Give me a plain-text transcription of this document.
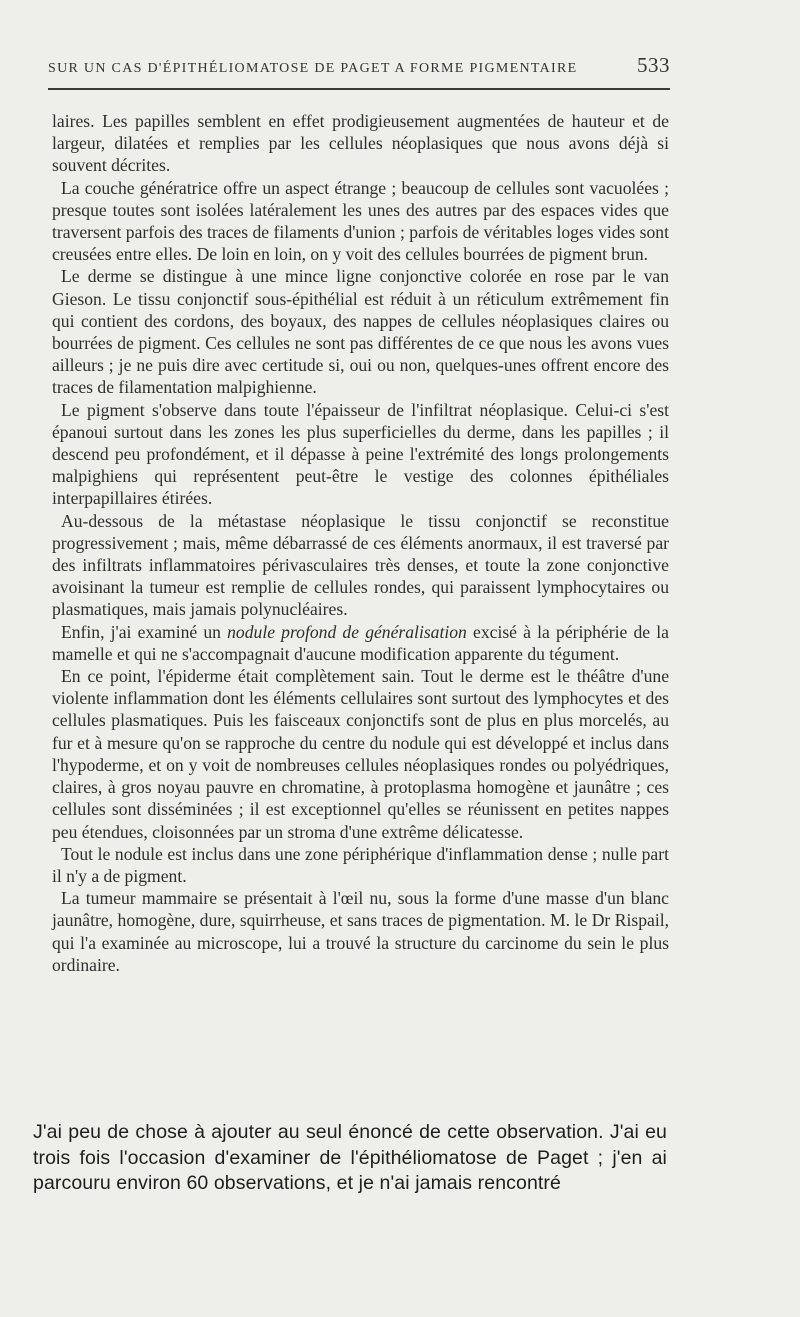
SUR UN CAS D'ÉPITHÉLIOMATOSE DE PAGET A FORME PIGMENTAIRE	533

laires. Les papilles semblent en effet prodigieusement augmentées de hauteur et de largeur, dilatées et remplies par les cellules néoplasiques que nous avons déjà si souvent décrites.

La couche génératrice offre un aspect étrange ; beaucoup de cellules sont vacuolées ; presque toutes sont isolées latéralement les unes des autres par des espaces vides que traversent parfois des traces de filaments d'union ; parfois de véritables loges vides sont creusées entre elles. De loin en loin, on y voit des cellules bourrées de pigment brun.

Le derme se distingue à une mince ligne conjonctive colorée en rose par le van Gieson. Le tissu conjonctif sous-épithélial est réduit à un réticulum extrêmement fin qui contient des cordons, des boyaux, des nappes de cellules néoplasiques claires ou bourrées de pigment. Ces cellules ne sont pas différentes de ce que nous les avons vues ailleurs ; je ne puis dire avec certitude si, oui ou non, quelques-unes offrent encore des traces de filamentation malpighienne.

Le pigment s'observe dans toute l'épaisseur de l'infiltrat néoplasique. Celui-ci s'est épanoui surtout dans les zones les plus superficielles du derme, dans les papilles ; il descend peu profondément, et il dépasse à peine l'extrémité des longs prolongements malpighiens qui représentent peut-être le vestige des colonnes épithéliales interpapillaires étirées.

Au-dessous de la métastase néoplasique le tissu conjonctif se reconstitue progressivement ; mais, même débarrassé de ces éléments anormaux, il est traversé par des infiltrats inflammatoires périvasculaires très denses, et toute la zone conjonctive avoisinant la tumeur est remplie de cellules rondes, qui paraissent lymphocytaires ou plasmatiques, mais jamais polynucléaires.

Enfin, j'ai examiné un nodule profond de généralisation excisé à la périphérie de la mamelle et qui ne s'accompagnait d'aucune modification apparente du tégument.

En ce point, l'épiderme était complètement sain. Tout le derme est le théâtre d'une violente inflammation dont les éléments cellulaires sont surtout des lymphocytes et des cellules plasmatiques. Puis les faisceaux conjonctifs sont de plus en plus morcelés, au fur et à mesure qu'on se rapproche du centre du nodule qui est développé et inclus dans l'hypoderme, et on y voit de nombreuses cellules néoplasiques rondes ou polyédriques, claires, à gros noyau pauvre en chromatine, à protoplasma homogène et jaunâtre ; ces cellules sont disséminées ; il est exceptionnel qu'elles se réunissent en petites nappes peu étendues, cloisonnées par un stroma d'une extrême délicatesse.

Tout le nodule est inclus dans une zone périphérique d'inflammation dense ; nulle part il n'y a de pigment.

La tumeur mammaire se présentait à l'œil nu, sous la forme d'une masse d'un blanc jaunâtre, homogène, dure, squirrheuse, et sans traces de pigmentation. M. le Dr Rispail, qui l'a examinée au microscope, lui a trouvé la structure du carcinome du sein le plus ordinaire.

J'ai peu de chose à ajouter au seul énoncé de cette observation. J'ai eu trois fois l'occasion d'examiner de l'épithéliomatose de Paget ; j'en ai parcouru environ 60 observations, et je n'ai jamais rencontré
